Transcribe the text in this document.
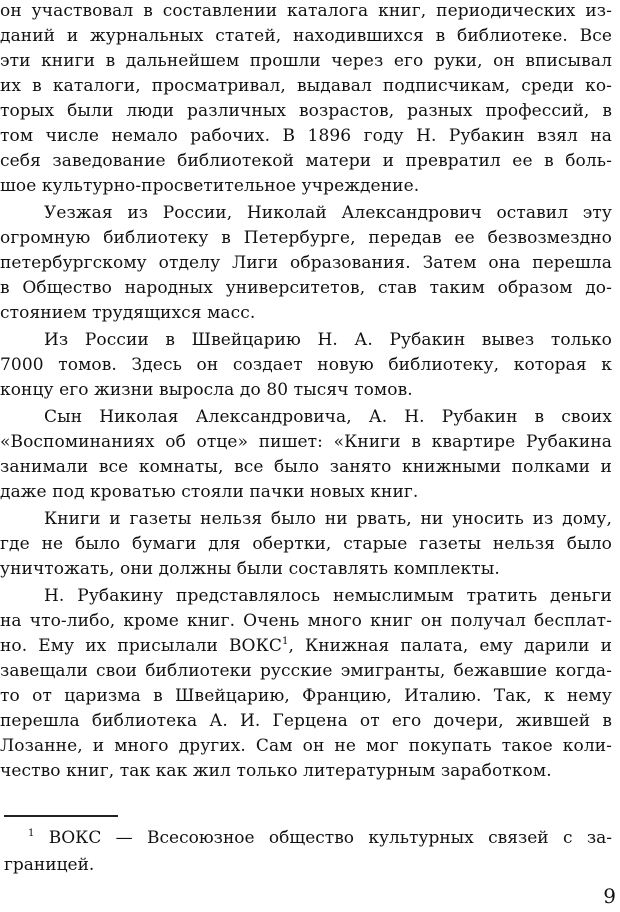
он участвовал в составлении каталога книг, периодических из-
даний и журнальных статей, находившихся в библиотеке. Все
эти книги в дальнейшем прошли через его руки, он вписывал
их в каталоги, просматривал, выдавал подписчикам, среди ко-
торых были люди различных возрастов, разных профессий, в
том числе немало рабочих. В 1896 году Н. Рубакин взял на
себя заведование библиотекой матери и превратил ее в боль-
шое культурно-просветительное учреждение.
Уезжая из России, Николай Александрович оставил эту
огромную библиотеку в Петербурге, передав ее безвозмездно
петербургскому отделу Лиги образования. Затем она перешла
в Общество народных университетов, став таким образом до-
стоянием трудящихся масс.
Из России в Швейцарию Н. А. Рубакин вывез только
7000 томов. Здесь он создает новую библиотеку, которая к
концу его жизни выросла до 80 тысяч томов.
Сын Николая Александровича, А. Н. Рубакин в своих
«Воспоминаниях об отце» пишет: «Книги в квартире Рубакина
занимали все комнаты, все было занято книжными полками и
даже под кроватью стояли пачки новых книг.
Книги и газеты нельзя было ни рвать, ни уносить из дому,
где не было бумаги для обертки, старые газеты нельзя было
уничтожать, они должны были составлять комплекты.
Н. Рубакину представлялось немыслимым тратить деньги
на что-либо, кроме книг. Очень много книг он получал бесплат-
но. Ему их присылали ВОКС$^1$, Книжная палата, ему дарили и
завещали свои библиотеки русские эмигранты, бежавшие когда-
то от царизма в Швейцарию, Францию, Италию. Так, к нему
перешла библиотека А. И. Герцена от его дочери, жившей в
Лозанне, и много других. Сам он не мог покупать такое коли-
чество книг, так как жил только литературным заработком.
$^1$ ВОКС — Всесоюзное общество культурных связей с за-
границей.
9
